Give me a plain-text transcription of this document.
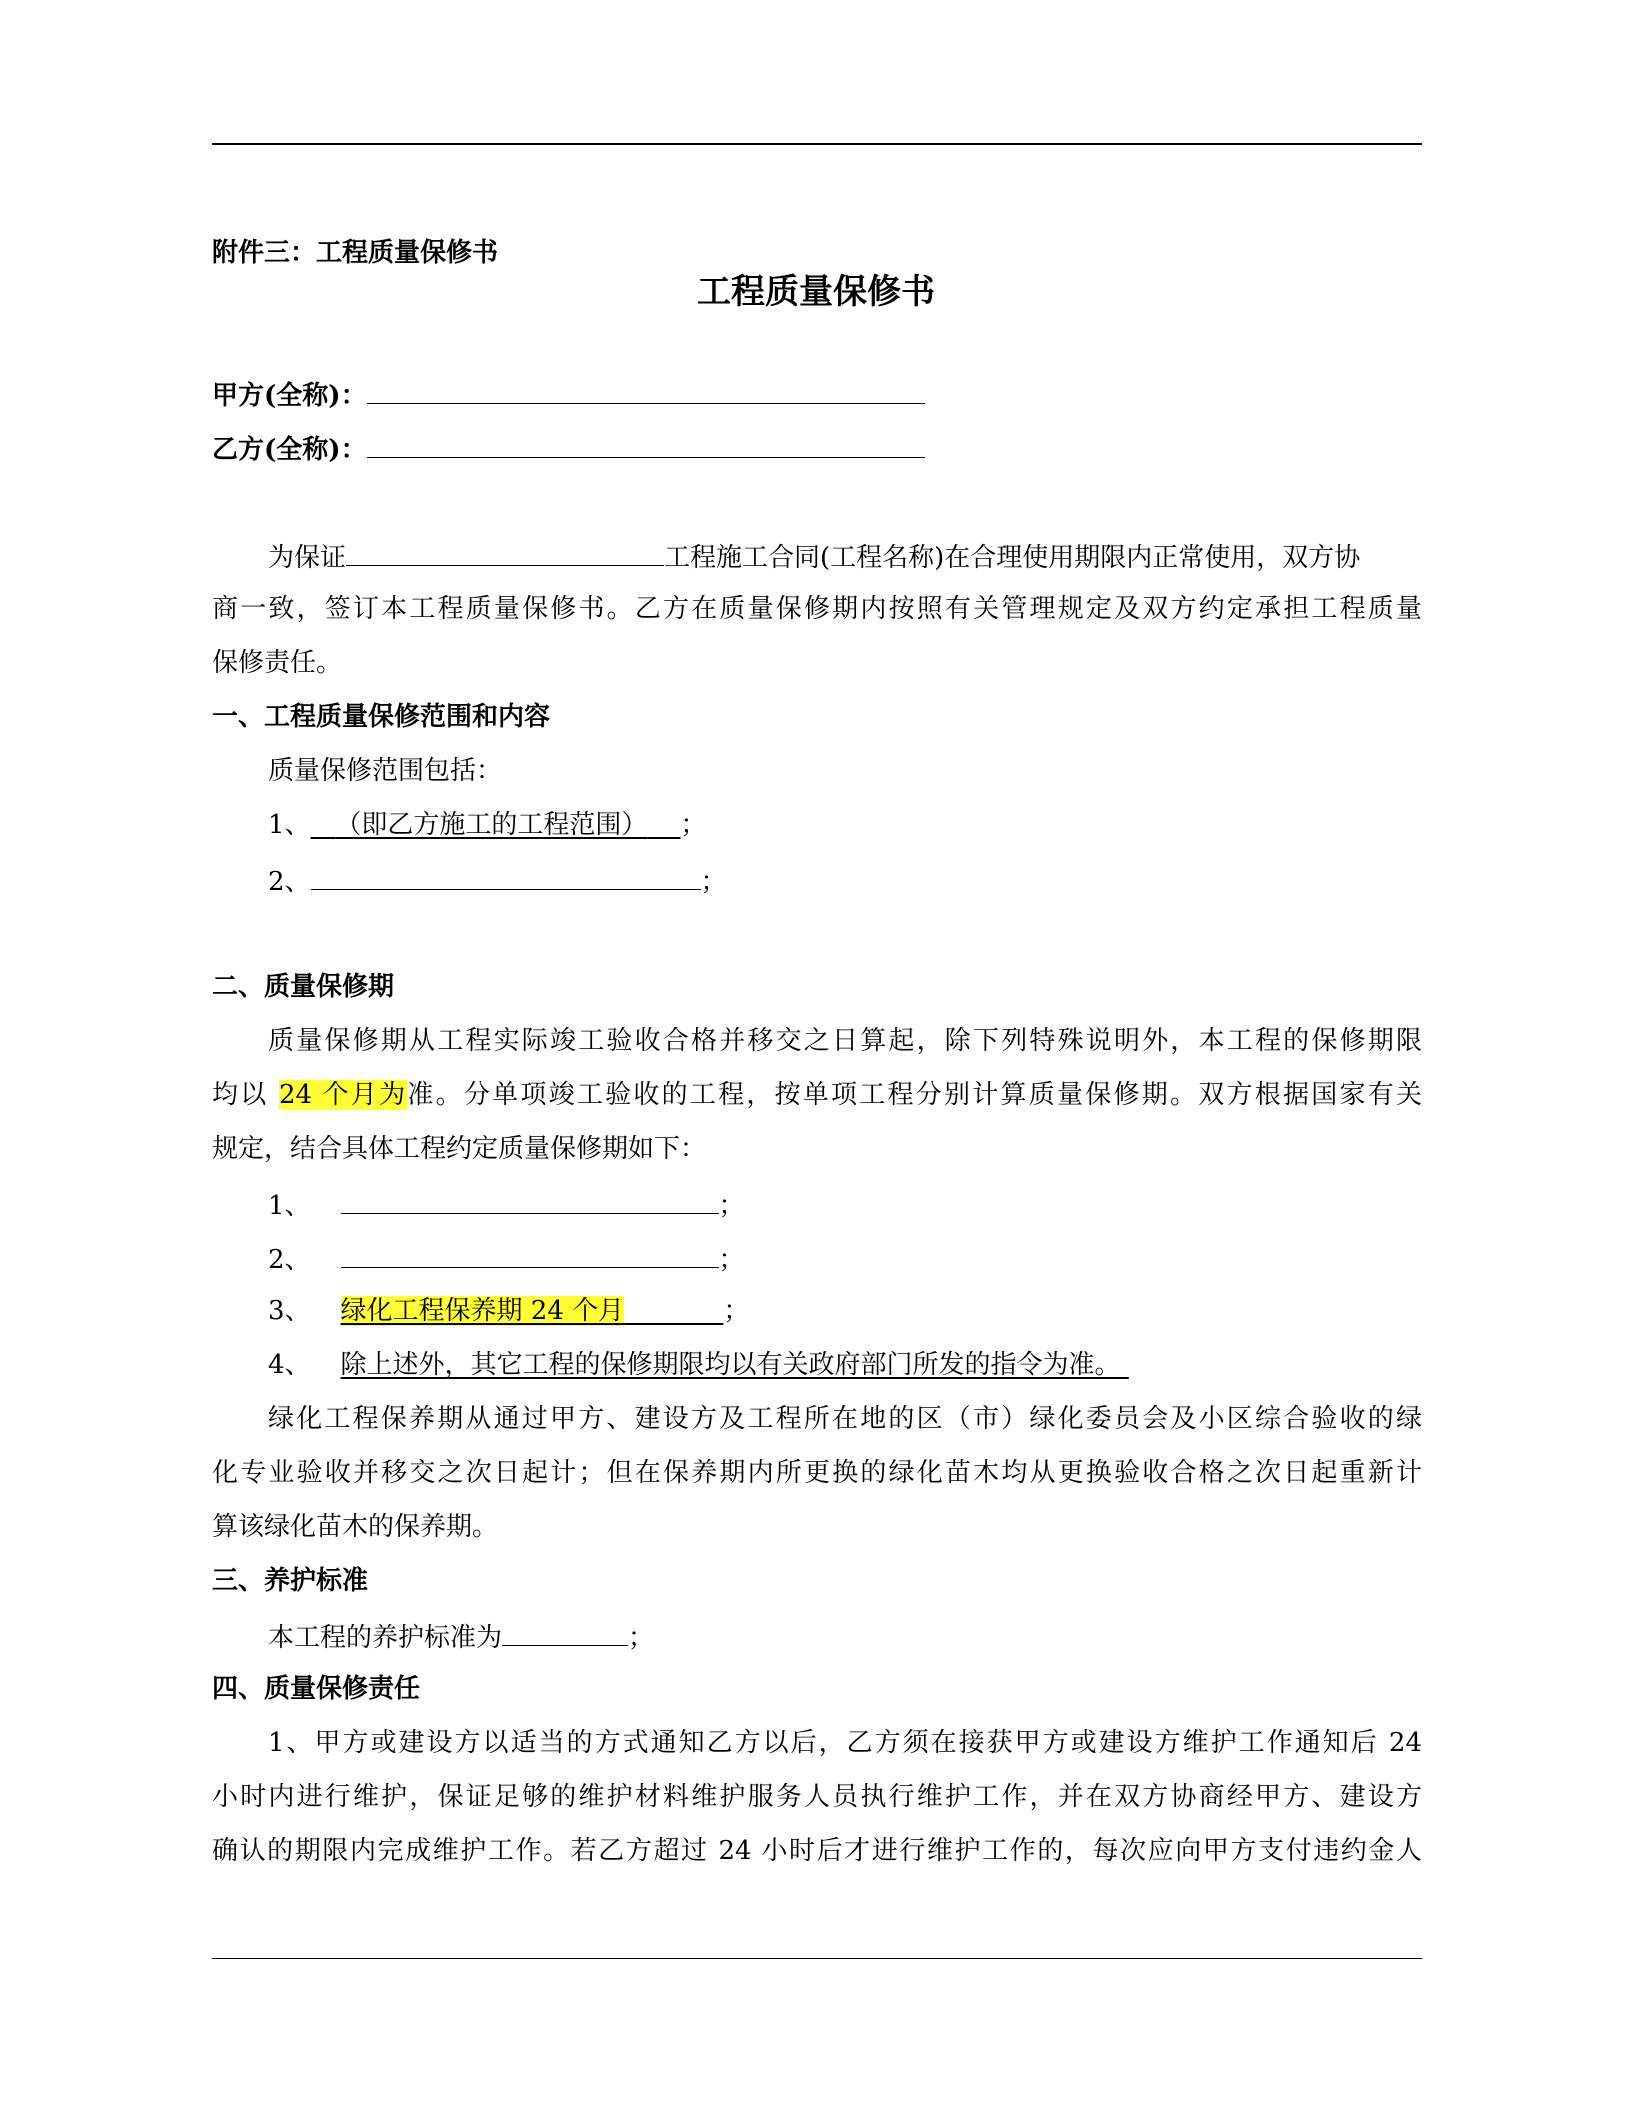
附件三：工程质量保修书
工程质量保修书
甲方(全称)：
乙方(全称)：
为保证	工程施工合同(工程名称)在合理使用期限内正常使用，双方协
商一致，签订本工程质量保修书。乙方在质量保修期内按照有关管理规定及双方约定承担工程质量
保修责任。
一、工程质量保修范围和内容
质量保修范围包括：
1、 （即乙方施工的工程范围） ；
2、	；
二、质量保修期
质量保修期从工程实际竣工验收合格并移交之日算起，除下列特殊说明外，本工程的保修期限
均以 24 个月为准。分单项竣工验收的工程，按单项工程分别计算质量保修期。双方根据国家有关
规定，结合具体工程约定质量保修期如下：
1、	；
2、	；
3、 绿化工程保养期 24 个月	；
4、 除上述外，其它工程的保修期限均以有关政府部门所发的指令为准。
绿化工程保养期从通过甲方、建设方及工程所在地的区（市）绿化委员会及小区综合验收的绿
化专业验收并移交之次日起计；但在保养期内所更换的绿化苗木均从更换验收合格之次日起重新计
算该绿化苗木的保养期。
三、养护标准
本工程的养护标准为	；
四、质量保修责任
1、甲方或建设方以适当的方式通知乙方以后，乙方须在接获甲方或建设方维护工作通知后 24
小时内进行维护，保证足够的维护材料维护服务人员执行维护工作，并在双方协商经甲方、建设方
确认的期限内完成维护工作。若乙方超过 24 小时后才进行维护工作的，每次应向甲方支付违约金人
